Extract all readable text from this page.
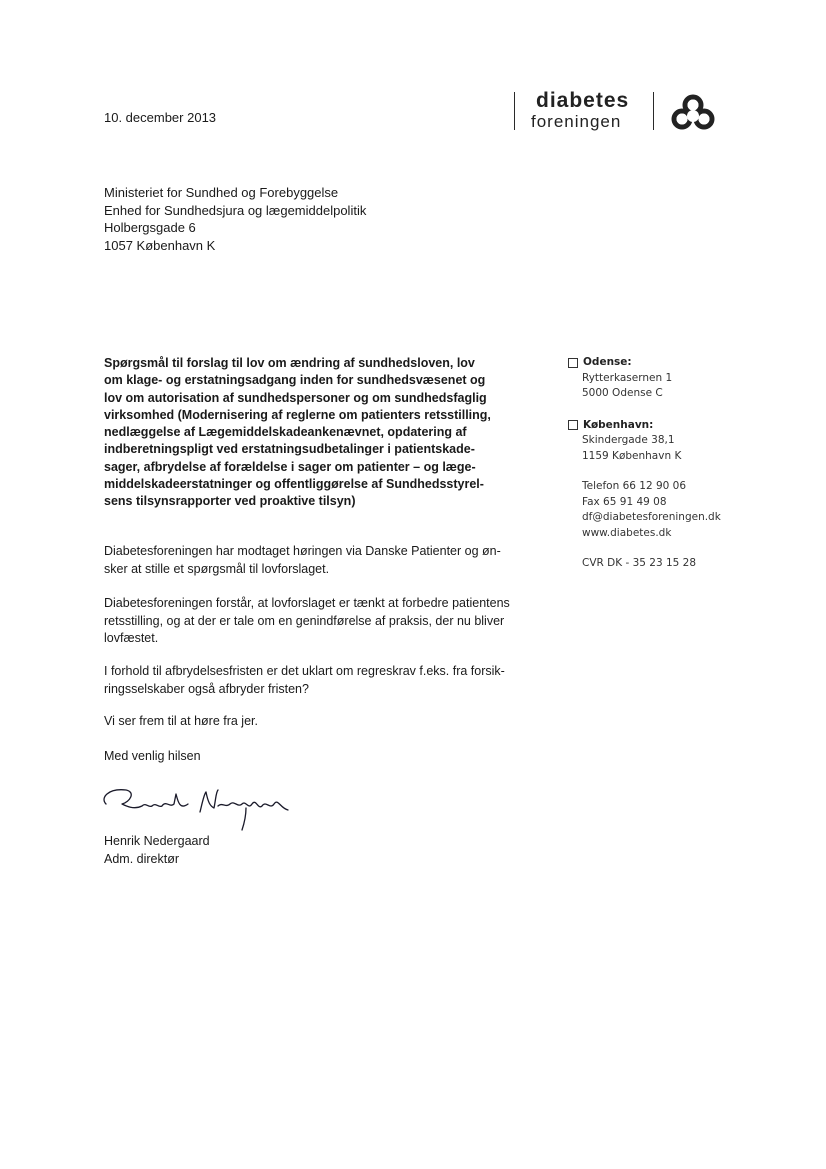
10. december 2013
diabetes
foreningen
Ministeriet for Sundhed og Forebyggelse
Enhed for Sundhedsjura og lægemiddelpolitik
Holbergsgade 6
1057 København K
Spørgsmål til forslag til lov om ændring af sundhedsloven, lov
om klage- og erstatningsadgang inden for sundhedsvæsenet og
lov om autorisation af sundhedspersoner og om sundhedsfaglig
virksomhed (Modernisering af reglerne om patienters retsstilling,
nedlæggelse af Lægemiddelskadeankenævnet, opdatering af
indberetningspligt ved erstatningsudbetalinger i patientskade-
sager, afbrydelse af forældelse i sager om patienter – og læge-
middelskadeerstatninger og offentliggørelse af Sundhedsstyrel-
sens tilsynsrapporter ved proaktive tilsyn)
Diabetesforeningen har modtaget høringen via Danske Patienter og øn-
sker at stille et spørgsmål til lovforslaget.
Diabetesforeningen forstår, at lovforslaget er tænkt at forbedre patientens
retsstilling, og at der er tale om en genindførelse af praksis, der nu bliver
lovfæstet.
I forhold til afbrydelsesfristen er det uklart om regreskrav f.eks. fra forsik-
ringsselskaber også afbryder fristen?
Vi ser frem til at høre fra jer.
Med venlig hilsen
Henrik Nedergaard
Adm. direktør
Odense:
Rytterkasernen 1
5000 Odense C
København:
Skindergade 38,1
1159 København K
Telefon 66 12 90 06
Fax 65 91 49 08
df@diabetesforeningen.dk
www.diabetes.dk
CVR DK - 35 23 15 28
